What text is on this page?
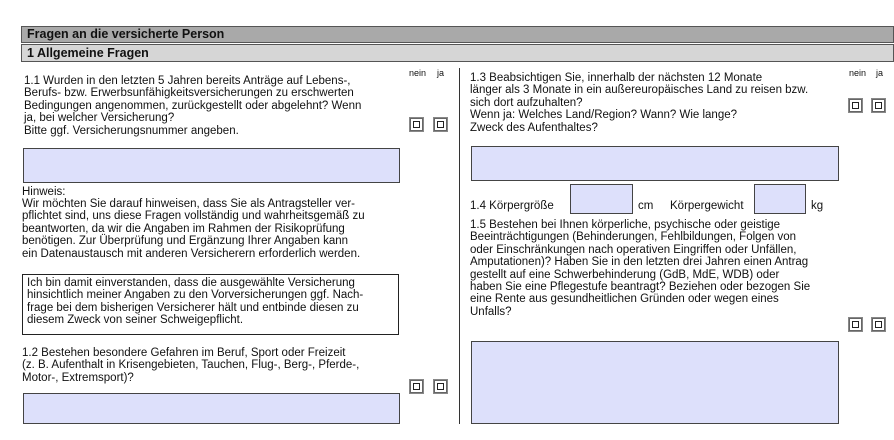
Fragen an die versicherte Person
1 Allgemeine Fragen
nein ja
1.1 Wurden in den letzten 5 Jahren bereits Anträge auf Lebens-,
Berufs- bzw. Erwerbsunfähigkeitsversicherungen zu erschwerten
Bedingungen angenommen, zurückgestellt oder abgelehnt? Wenn
ja, bei welcher Versicherung?
Bitte ggf. Versicherungsnummer angeben.
Hinweis:
Wir möchten Sie darauf hinweisen, dass Sie als Antragsteller ver-
pflichtet sind, uns diese Fragen vollständig und wahrheitsgemäß zu
beantworten, da wir die Angaben im Rahmen der Risikoprüfung
benötigen. Zur Überprüfung und Ergänzung Ihrer Angaben kann
ein Datenaustausch mit anderen Versicherern erforderlich werden.
Ich bin damit einverstanden, dass die ausgewählte Versicherung
hinsichtlich meiner Angaben zu den Vorversicherungen ggf. Nach-
frage bei dem bisherigen Versicherer hält und entbinde diesen zu
diesem Zweck von seiner Schweigepflicht.
1.2 Bestehen besondere Gefahren im Beruf, Sport oder Freizeit
(z. B. Aufenthalt in Krisengebieten, Tauchen, Flug-, Berg-, Pferde-,
Motor-, Extremsport)?
nein ja
1.3 Beabsichtigen Sie, innerhalb der nächsten 12 Monate
länger als 3 Monate in ein außereuropäisches Land zu reisen bzw.
sich dort aufzuhalten?
Wenn ja: Welches Land/Region? Wann? Wie lange?
Zweck des Aufenthaltes?
1.4 Körpergröße	cm Körpergewicht	kg
1.5 Bestehen bei Ihnen körperliche, psychische oder geistige
Beeinträchtigungen (Behinderungen, Fehlbildungen, Folgen von
oder Einschränkungen nach operativen Eingriffen oder Unfällen,
Amputationen)? Haben Sie in den letzten drei Jahren einen Antrag
gestellt auf eine Schwerbehinderung (GdB, MdE, WDB) oder
haben Sie eine Pflegestufe beantragt? Beziehen oder bezogen Sie
eine Rente aus gesundheitlichen Gründen oder wegen eines
Unfalls?
